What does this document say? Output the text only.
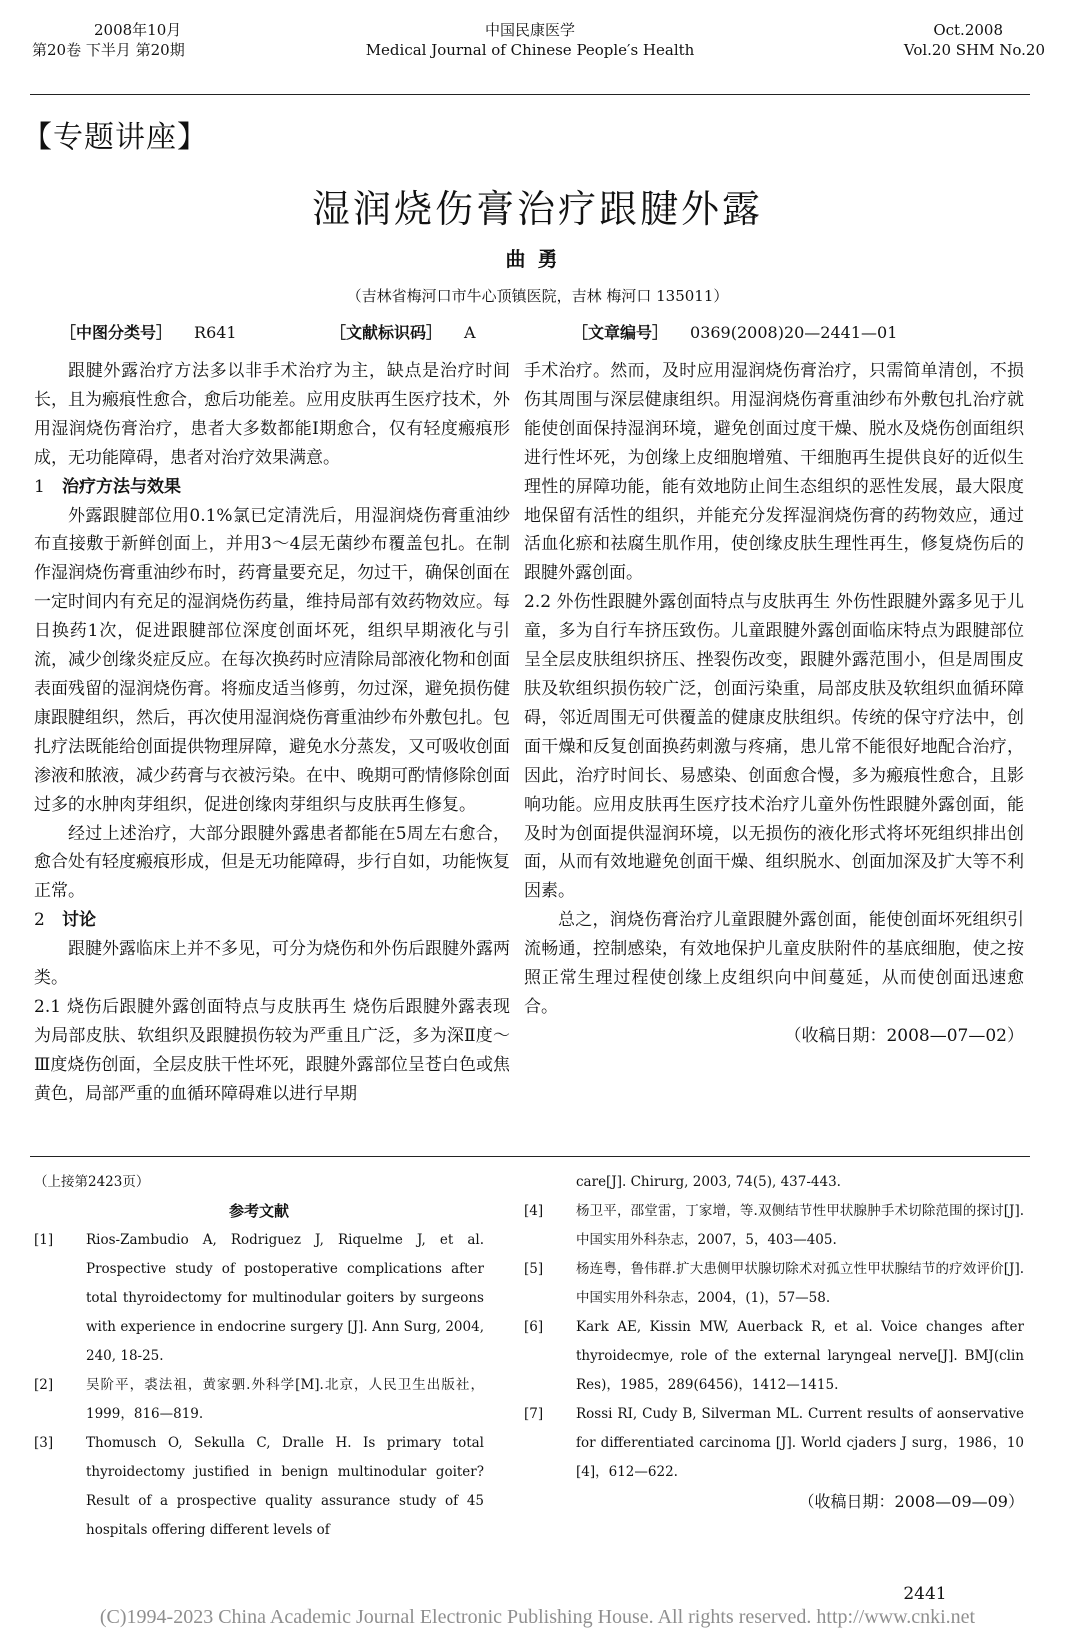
2008年10月
第20卷 下半月 第20期
中国民康医学
Medical Journal of Chinese People′s Health
Oct.2008
Vol.20 SHM No.20
【专题讲座】
湿润烧伤膏治疗跟腱外露
曲勇
（吉林省梅河口市牛心顶镇医院，吉林 梅河口 135011）
［中图分类号］ R641	［文献标识码］ A	［文章编号］ 0369(2008)20—2441—01

跟腱外露治疗方法多以非手术治疗为主，缺点是治疗时间长，且为瘢痕性愈合，愈后功能差。应用皮肤再生医疗技术，外用湿润烧伤膏治疗，患者大多数都能Ⅰ期愈合，仅有轻度瘢痕形成，无功能障碍，患者对治疗效果满意。

1 治疗方法与效果

外露跟腱部位用0.1%氯已定清洗后，用湿润烧伤膏重油纱布直接敷于新鲜创面上，并用3～4层无菌纱布覆盖包扎。在制作湿润烧伤膏重油纱布时，药膏量要充足，勿过干，确保创面在一定时间内有充足的湿润烧伤药量，维持局部有效药物效应。每日换药1次，促进跟腱部位深度创面坏死，组织早期液化与引流，减少创缘炎症反应。在每次换药时应清除局部液化物和创面表面残留的湿润烧伤膏。将痂皮适当修剪，勿过深，避免损伤健康跟腱组织，然后，再次使用湿润烧伤膏重油纱布外敷包扎。包扎疗法既能给创面提供物理屏障，避免水分蒸发，又可吸收创面渗液和脓液，减少药膏与衣被污染。在中、晚期可酌情修除创面过多的水肿肉芽组织，促进创缘肉芽组织与皮肤再生修复。

经过上述治疗，大部分跟腱外露患者都能在5周左右愈合，愈合处有轻度瘢痕形成，但是无功能障碍，步行自如，功能恢复正常。

2 讨论

跟腱外露临床上并不多见，可分为烧伤和外伤后跟腱外露两类。

2.1 烧伤后跟腱外露创面特点与皮肤再生 烧伤后跟腱外露表现为局部皮肤、软组织及跟腱损伤较为严重且广泛，多为深Ⅱ度～Ⅲ度烧伤创面，全层皮肤干性坏死，跟腱外露部位呈苍白色或焦黄色，局部严重的血循环障碍难以进行早期

手术治疗。然而，及时应用湿润烧伤膏治疗，只需简单清创，不损伤其周围与深层健康组织。用湿润烧伤膏重油纱布外敷包扎治疗就能使创面保持湿润环境，避免创面过度干燥、脱水及烧伤创面组织进行性坏死，为创缘上皮细胞增殖、干细胞再生提供良好的近似生理性的屏障功能，能有效地防止间生态组织的恶性发展，最大限度地保留有活性的组织，并能充分发挥湿润烧伤膏的药物效应，通过活血化瘀和祛腐生肌作用，使创缘皮肤生理性再生，修复烧伤后的跟腱外露创面。

2.2 外伤性跟腱外露创面特点与皮肤再生 外伤性跟腱外露多见于儿童，多为自行车挤压致伤。儿童跟腱外露创面临床特点为跟腱部位呈全层皮肤组织挤压、挫裂伤改变，跟腱外露范围小，但是周围皮肤及软组织损伤较广泛，创面污染重，局部皮肤及软组织血循环障碍，邻近周围无可供覆盖的健康皮肤组织。传统的保守疗法中，创面干燥和反复创面换药刺激与疼痛，患儿常不能很好地配合治疗，因此，治疗时间长、易感染、创面愈合慢，多为瘢痕性愈合，且影响功能。应用皮肤再生医疗技术治疗儿童外伤性跟腱外露创面，能及时为创面提供湿润环境，以无损伤的液化形式将坏死组织排出创面，从而有效地避免创面干燥、组织脱水、创面加深及扩大等不利因素。

总之，润烧伤膏治疗儿童跟腱外露创面，能使创面坏死组织引流畅通，控制感染，有效地保护儿童皮肤附件的基底细胞，使之按照正常生理过程使创缘上皮组织向中间蔓延，从而使创面迅速愈合。

（收稿日期：2008—07—02）

（上接第2423页）

参考文献

[1]	Rios-Zambudio A, Rodriguez J, Riquelme J, et al. Prospective study of postoperative complications after total thyroidectomy for multinodular goiters by surgeons with experience in endocrine surgery [J]. Ann Surg, 2004, 240, 18-25.
[2]	吴阶平，裘法祖，黄家驷.外科学[M].北京，人民卫生出版社，1999，816—819.
[3]	Thomusch O, Sekulla C, Dralle H. Is primary total thyroidectomy justified in benign multinodular goiter? Result of a prospective quality assurance study of 45 hospitals offering different levels of

care[J]. Chirurg, 2003, 74(5), 437-443.

[4]	杨卫平，邵堂雷，丁家增，等.双侧结节性甲状腺肿手术切除范围的探讨[J].中国实用外科杂志，2007，5，403—405.
[5]	杨连粤，鲁伟群.扩大患侧甲状腺切除术对孤立性甲状腺结节的疗效评价[J].中国实用外科杂志，2004，(1)，57—58.
[6]	Kark AE, Kissin MW, Auerback R, et al. Voice changes after thyroidecmye, role of the external laryngeal nerve[J]. BMJ(clin Res)，1985，289(6456)，1412—1415.
[7]	Rossi RI, Cudy B, Silverman ML. Current results of aonservative for differentiated carcinoma [J]. World cjaders J surg，1986，10 [4]，612—622.

（收稿日期：2008—09—09）

2441
(C)1994-2023 China Academic Journal Electronic Publishing House. All rights reserved. http://www.cnki.net
